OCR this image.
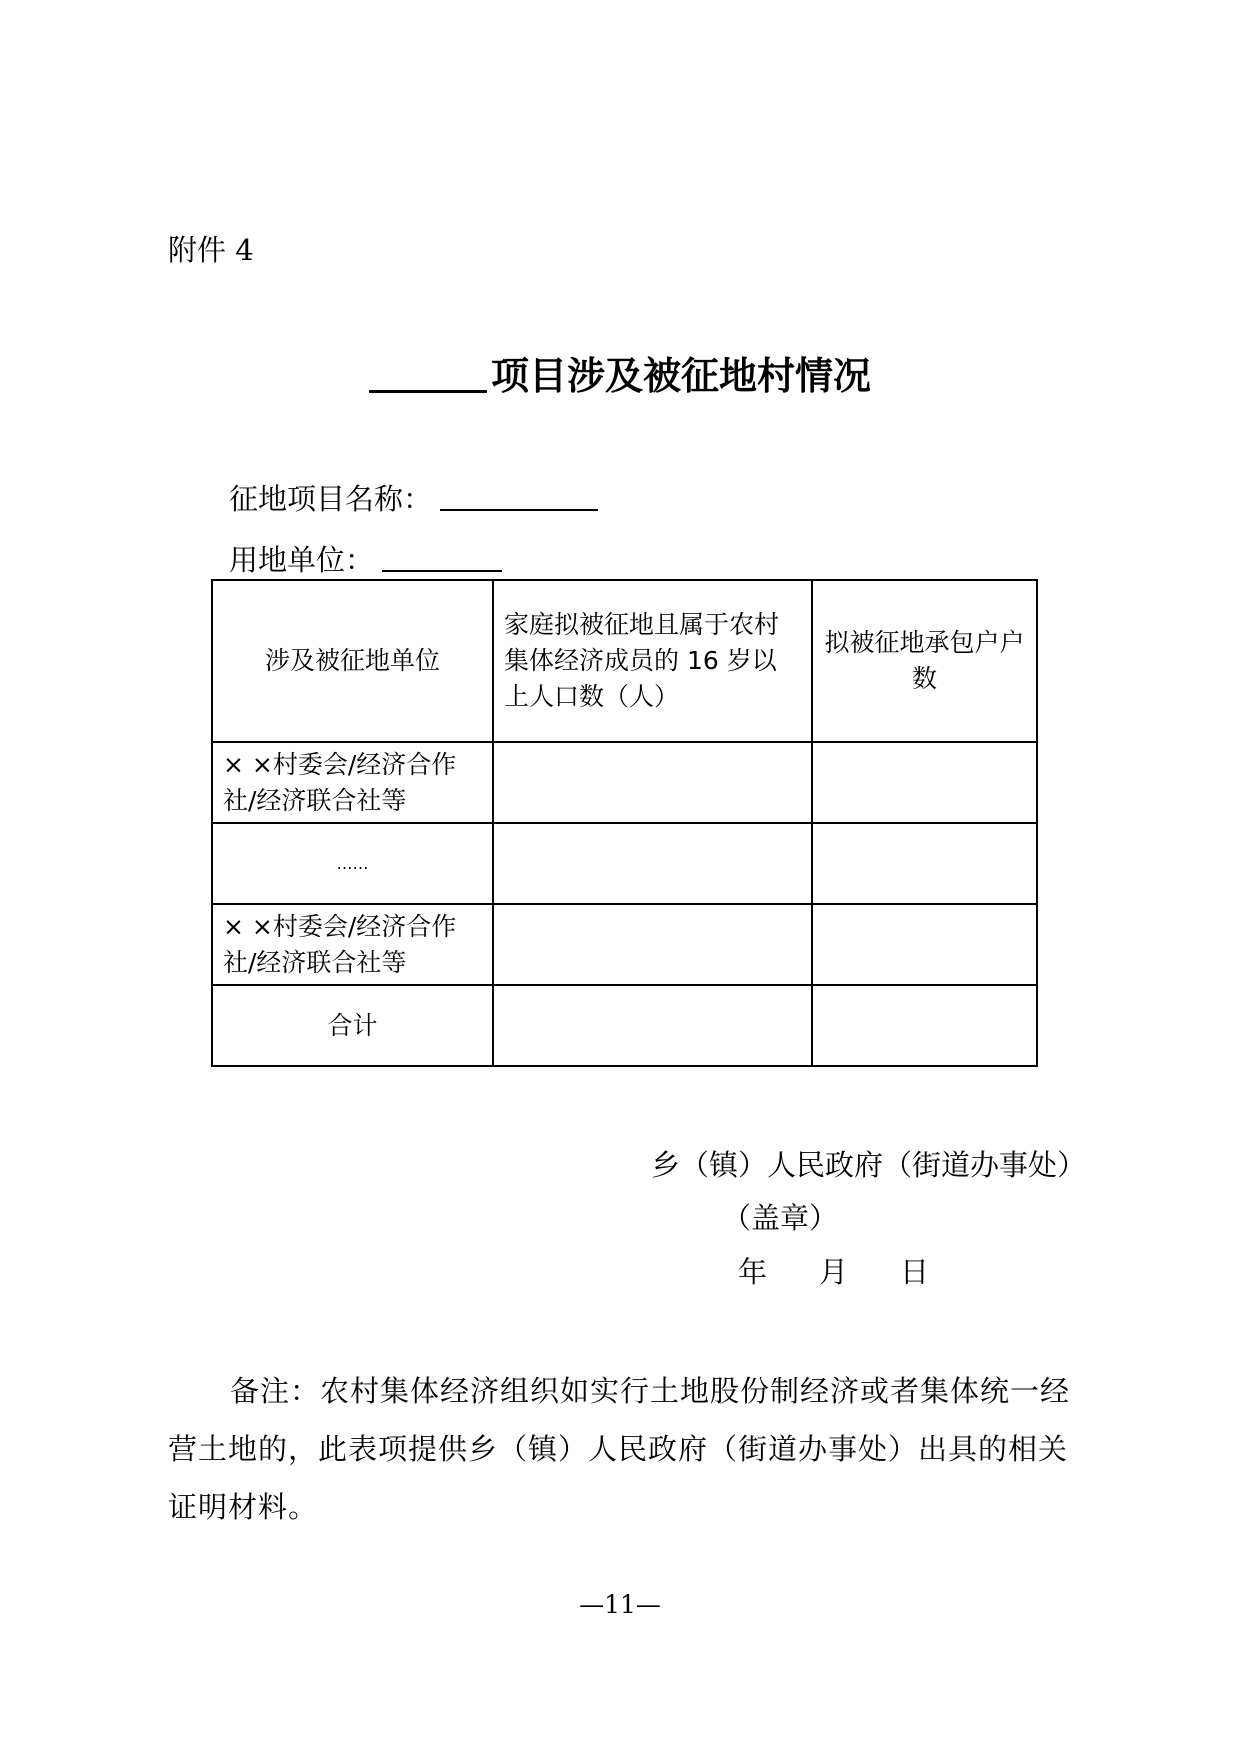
附件 4
项目涉及被征地村情况
征地项目名称：
用地单位：
涉及被征地单位	家庭拟被征地且属于农村集体经济成员的 16 岁以上人口数（人）	拟被征地承包户户数

× ×村委会/经济合作社/经济联合社等		
……		
× ×村委会/经济合作社/经济联合社等		
合计		
乡（镇）人民政府（街道办事处）
（盖章）
年 月 日
备注：农村集体经济组织如实行土地股份制经济或者集体统一经营土地的，此表项提供乡（镇）人民政府（街道办事处）出具的相关证明材料。
—11—
